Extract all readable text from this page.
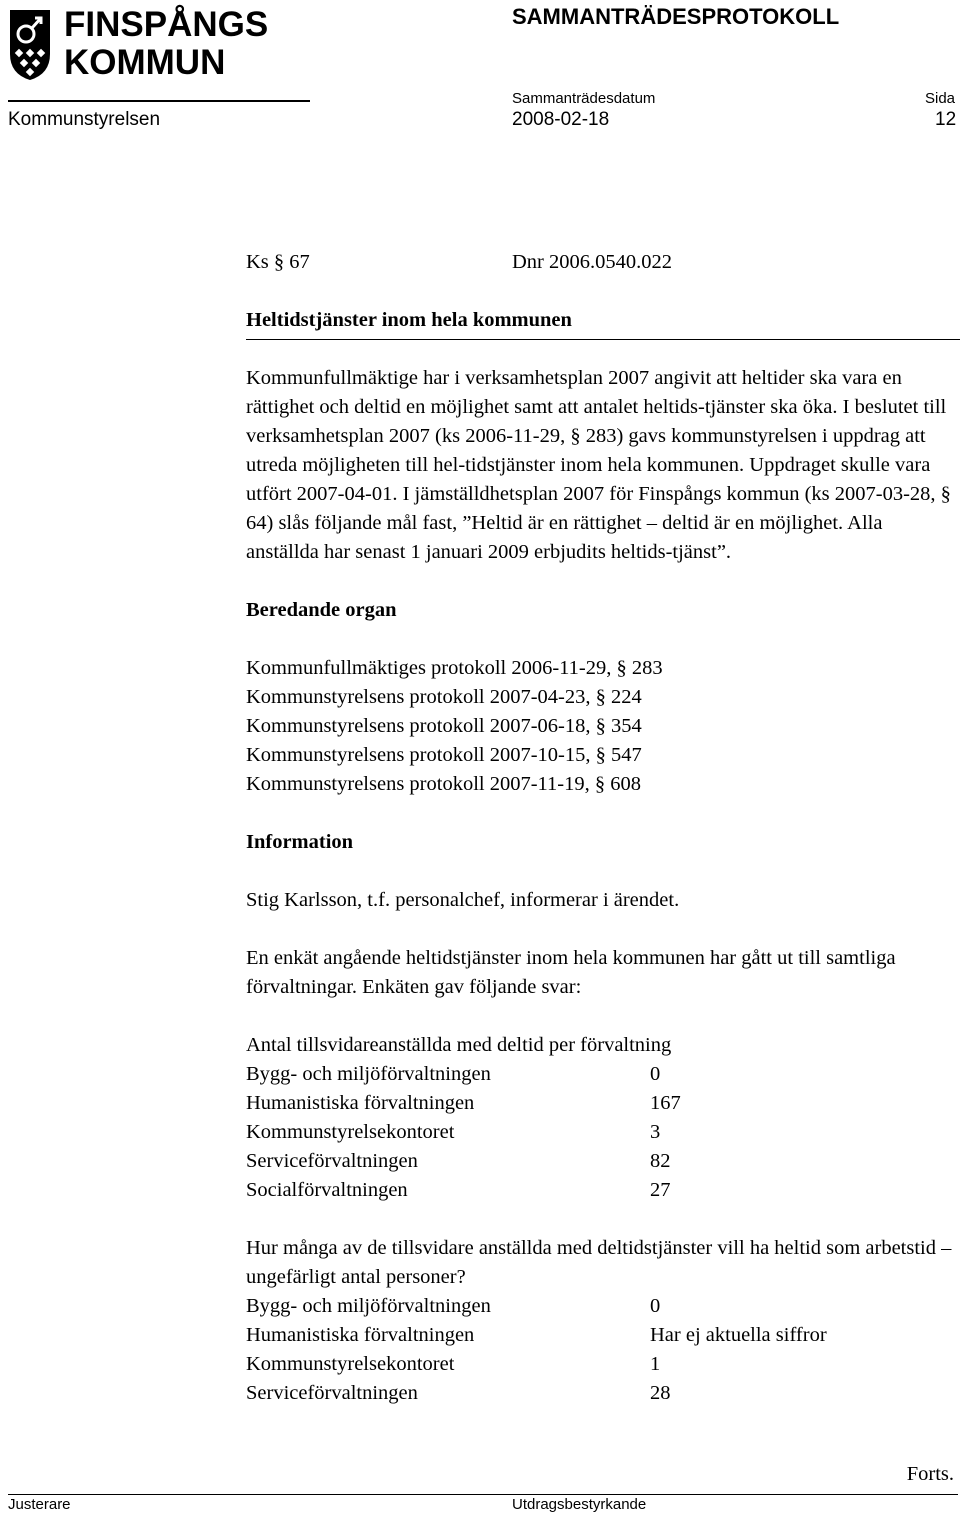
FINSPÅNGS
KOMMUN
SAMMANTRÄDESPROTOKOLL
Sammanträdesdatum	Sida
Kommunstyrelsen	2008-02-18	12
Ks § 67	Dnr 2006.0540.022
Heltidstjänster inom hela kommunen

Kommunfullmäktige har i verksamhetsplan 2007 angivit att heltider ska vara en rättighet och deltid en möjlighet samt att antalet heltids-tjänster ska öka. I beslutet till verksamhetsplan 2007 (ks 2006-11-29, § 283) gavs kommunstyrelsen i uppdrag att utreda möjligheten till hel-tidstjänster inom hela kommunen. Uppdraget skulle vara utfört 2007-04-01. I jämställdhetsplan 2007 för Finspångs kommun (ks 2007-03-28, § 64) slås följande mål fast, ”Heltid är en rättighet – deltid är en möjlighet. Alla anställda har senast 1 januari 2009 erbjudits heltids-tjänst”.

Beredande organ
Kommunfullmäktiges protokoll 2006-11-29, § 283
Kommunstyrelsens protokoll 2007-04-23, § 224
Kommunstyrelsens protokoll 2007-06-18, § 354
Kommunstyrelsens protokoll 2007-10-15, § 547
Kommunstyrelsens protokoll 2007-11-19, § 608
Information

Stig Karlsson, t.f. personalchef, informerar i ärendet.

En enkät angående heltidstjänster inom hela kommunen har gått ut till samtliga förvaltningar. Enkäten gav följande svar:

Antal tillsvidareanställda med deltid per förvaltning
Bygg- och miljöförvaltningen	0
Humanistiska förvaltningen	167
Kommunstyrelsekontoret	3
Serviceförvaltningen	82
Socialförvaltningen	27

Hur många av de tillsvidare anställda med deltidstjänster vill ha heltid som arbetstid – ungefärligt antal personer?

Bygg- och miljöförvaltningen	0
Humanistiska förvaltningen	Har ej aktuella siffror
Kommunstyrelsekontoret	1
Serviceförvaltningen	28
Forts.
Justerare	Utdragsbestyrkande
